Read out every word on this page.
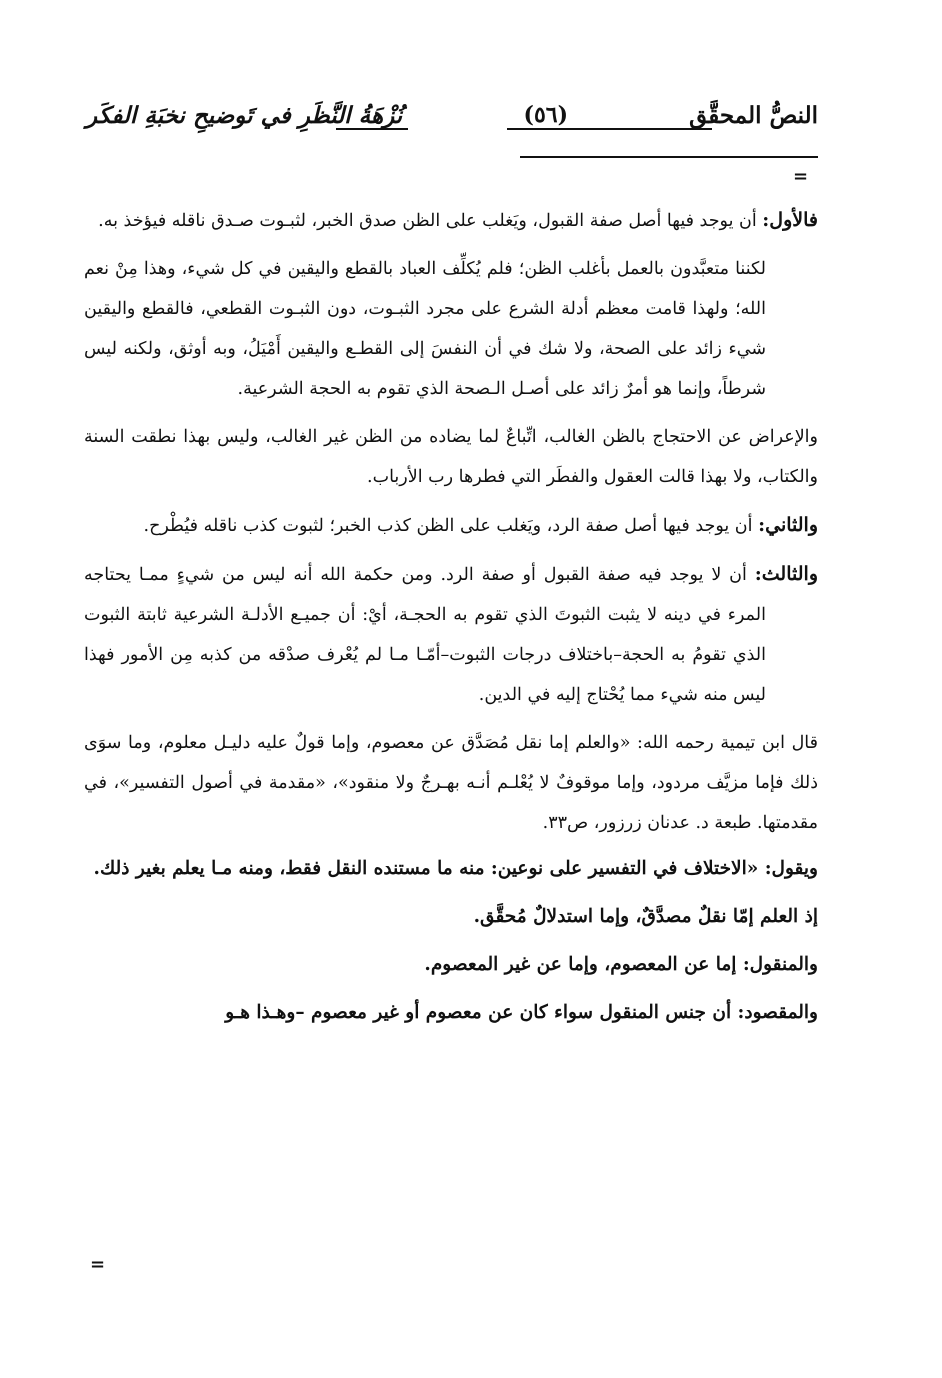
النصُّ المحقَّق
(٥٦)
نُزْهَةُ النَّظَرِ في تَوضيحِ نخبَةِ الفكَر
=

فالأول: أن يوجد فيها أصل صفة القبول، ويَغلب على الظن صدق الخبر، لثبـوت صـدق ناقله فيؤخذ به.

لكننا متعبَّدون بالعمل بأغلب الظن؛ فلم يُكلِّف العباد بالقطع واليقين في كل شيء، وهذا مِنْ نعم الله؛ ولهذا قامت معظم أدلة الشرع على مجرد الثبـوت، دون الثبـوت القطعي، فالقطع واليقين شيء زائد على الصحة، ولا شك في أن النفسَ إلى القطـع واليقين أَمْيَلُ، وبه أوثق، ولكنه ليس شرطاً، وإنما هو أمرٌ زائد على أصـل الـصحة الذي تقوم به الحجة الشرعية.

والإعراض عن الاحتجاج بالظن الغالب، اتِّباعٌ لما يضاده من الظن غير الغالب، وليس بهذا نطقت السنة والكتاب، ولا بهذا قالت العقول والفطَر التي فطرها رب الأرباب.

والثاني: أن يوجد فيها أصل صفة الرد، ويَغلب على الظن كذب الخبر؛ لثبوت كذب ناقله فيُطْرح.

والثالث: أن لا يوجد فيه صفة القبول أو صفة الرد. ومن حكمة الله أنه ليس من شيءٍ ممـا يحتاجه المرء في دينه لا يثبت الثبوتَ الذي تقوم به الحجـة، أيْ: أن جميـع الأدلـة الشرعية ثابتة الثبوت الذي تقومُ به الحجة–باختلاف درجات الثبوت–أمّـا مـا لم يُعْرف صدْقه من كذبه مِن الأمور فهذا ليس منه شيء مما يُحْتاج إليه في الدين.

قال ابن تيمية رحمه الله: «والعلم إما نقل مُصَدَّق عن معصوم، وإما قولٌ عليه دليـل معلوم، وما سوَى ذلك فإما مزيَّف مردود، وإما موقوفٌ لا يُعْلـم أنـه بهـرجٌ ولا منقود»، «مقدمة في أصول التفسير»، في مقدمتها. طبعة د. عدنان زرزور، ص٣٣.

ويقول: «الاختلاف في التفسير على نوعين: منه ما مستنده النقل فقط، ومنه مـا يعلم بغير ذلك.

إذ العلم إمّا نقلٌ مصدَّقٌ، وإما استدلالٌ مُحقَّق.

والمنقول: إما عن المعصوم، وإما عن غير المعصوم.

والمقصود: أن جنس المنقول سواء كان عن معصوم أو غير معصوم –وهـذا هـو

=
